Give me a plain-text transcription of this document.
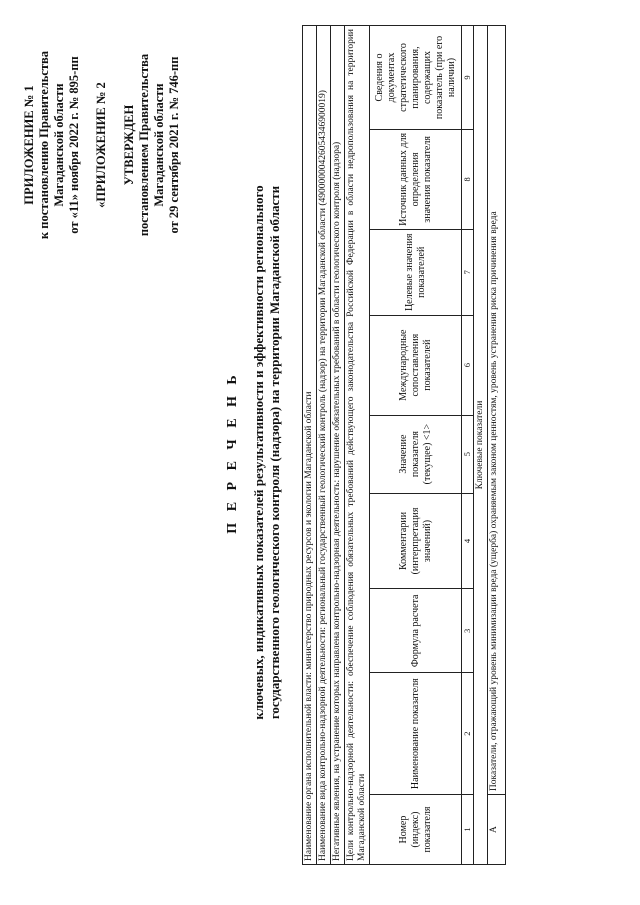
ПРИЛОЖЕНИЕ № 1 к постановлению Правительства Магаданской области от «11» ноября 2022 г. № 895-пп «ПРИЛОЖЕНИЕ № 2 УТВЕРЖДЕН постановлением Правительства Магаданской области от 29 сентября 2021 г. № 746-пп
П Е Р Е Ч Е Н Ь ключевых, индикативных показателей результативности и эффективности регионального государственного геологического контроля (надзора) на территории Магаданской области Наименование органа исполнительной власти: министерство природных ресурсов и экологии Магаданской области								
Наименование вида контрольно-надзорной деятельности: региональный государственный геологический контроль (надзор) на территории Магаданской области (49000000426054346900019)								
Негативные явления, на устранение которых направлена контрольно-надзорная деятельность: нарушение обязательных требований в области геологического контроля (надзора)								
Цели контрольно-надзорной деятельности: обеспечение соблюдения обязательных требований действующего законодательства Российской Федерации в области недропользования на территории Магаданской области								
Номер (индекс) показателя	Наименование показателя	Формула расчета	Комментарии (интерпретация значений)	Значение показателя (текущее) <1>	Международные сопоставления показателей	Целевые значения показателей	Источник данных для определения значения показателя	Сведения о документах стратегического планирования, содержащих показатель (при его наличии)
1	2	3	4	5	6	7	8	9
Ключевые показатели								
А	Показатели, отражающий уровень минимизации вреда (ущерба) охраняемым законом ценностям, уровень устранения риска причинения вреда							
